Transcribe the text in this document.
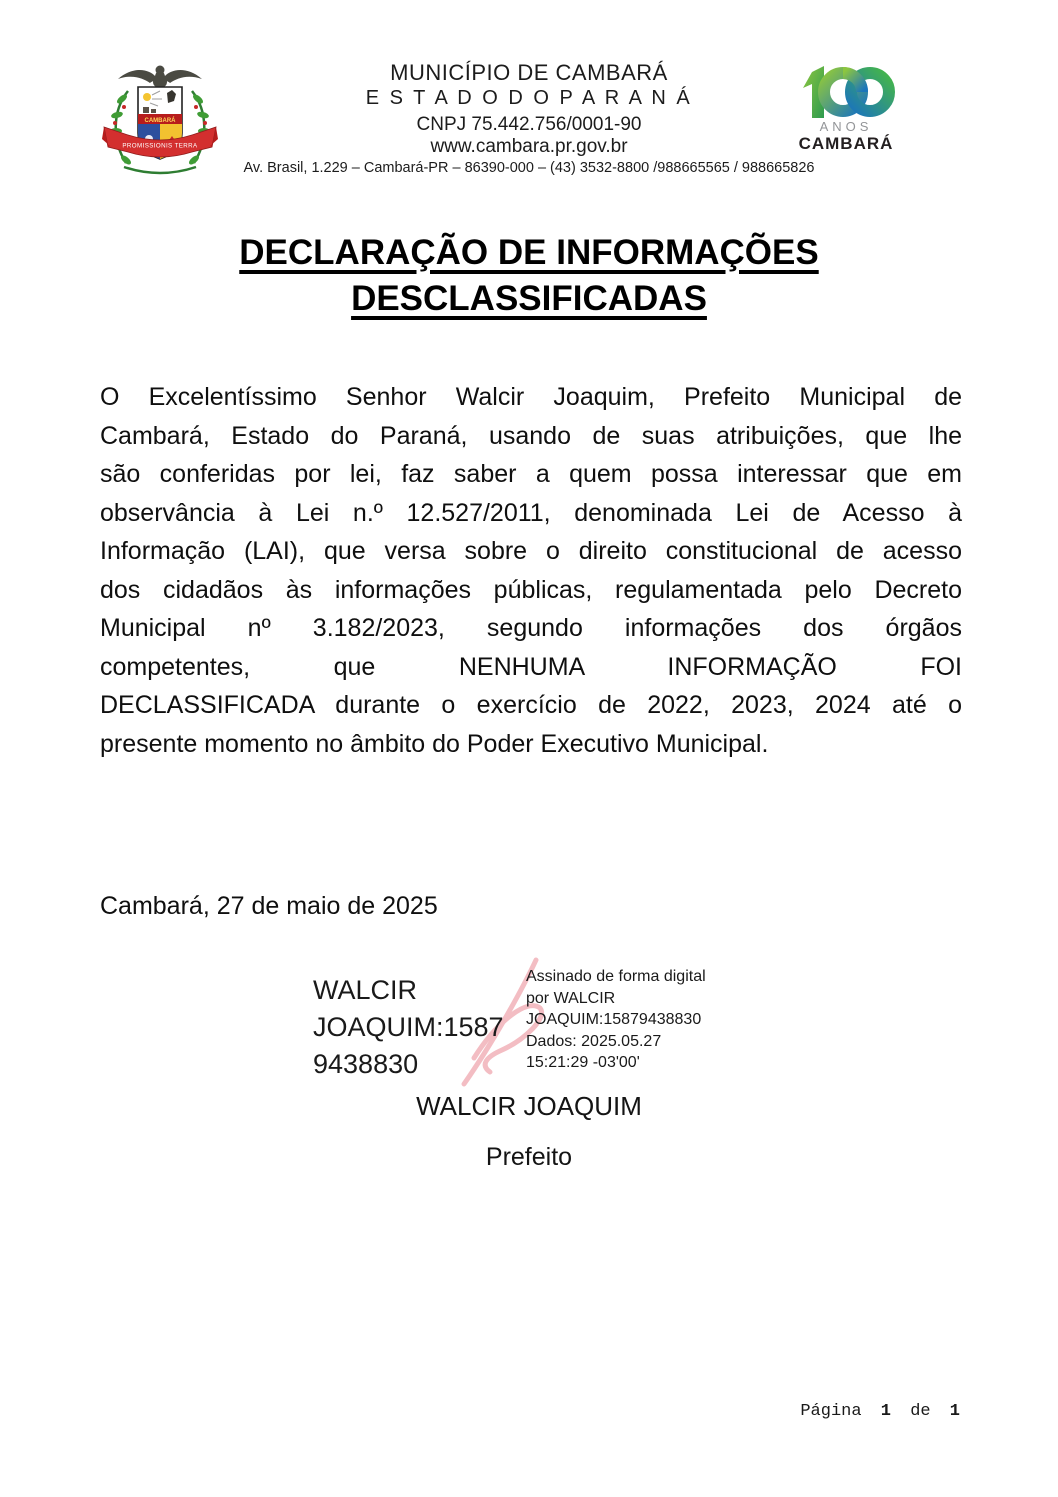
CAMBARÁ
PROMISSIONIS TERRA
MUNICÍPIO DE CAMBARÁ
E S T A D O D O P A R A N Á
CNPJ 75.442.756/0001-90
www.cambara.pr.gov.br
Av. Brasil, 1.229 – Cambará-PR – 86390-000 – (43) 3532-8800 /988665565 / 988665826
ANOS
CAMBARÁ
DECLARAÇÃO DE INFORMAÇÕES
DESCLASSIFICADAS
O Excelentíssimo Senhor Walcir Joaquim, Prefeito Municipal de
Cambará, Estado do Paraná, usando de suas atribuições, que lhe
são conferidas por lei, faz saber a quem possa interessar que em
observância à Lei n.º 12.527/2011, denominada Lei de Acesso à
Informação (LAI), que versa sobre o direito constitucional de acesso
dos cidadãos às informações públicas, regulamentada pelo Decreto
Municipal nº 3.182/2023, segundo informações dos órgãos
competentes, que NENHUMA INFORMAÇÃO FOI
DECLASSIFICADA durante o exercício de 2022, 2023, 2024 até o
presente momento no âmbito do Poder Executivo Municipal.
Cambará, 27 de maio de 2025
WALCIR
JOAQUIM:1587
9438830
Assinado de forma digital
por WALCIR
JOAQUIM:15879438830
Dados: 2025.05.27
15:21:29 -03'00'
WALCIR JOAQUIM
Prefeito
Página 1 de 1
